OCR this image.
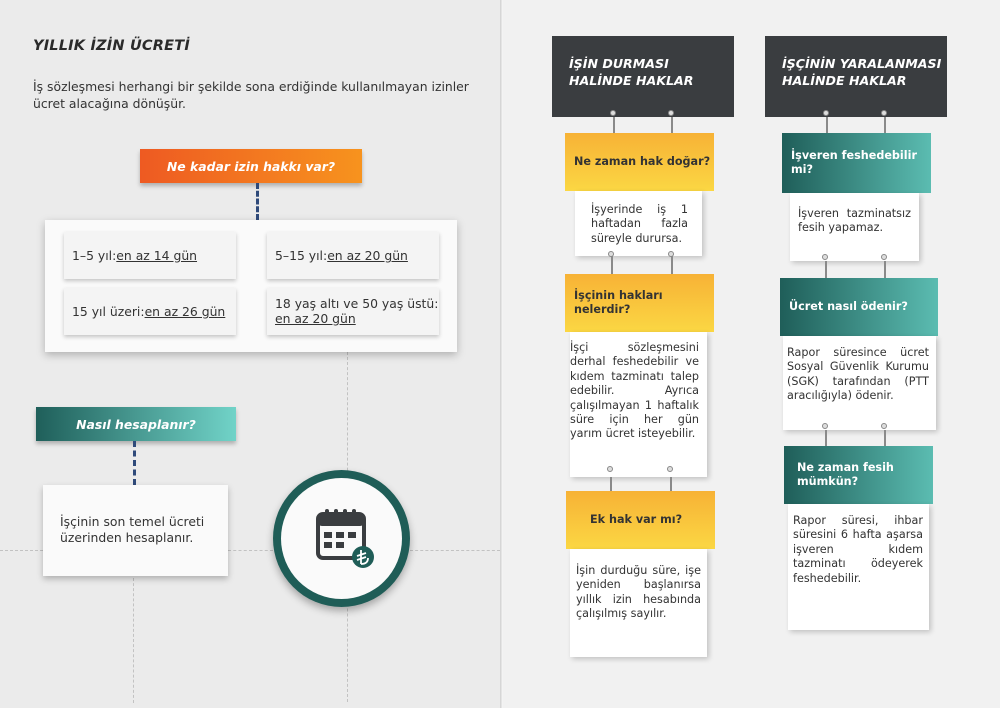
YILLIK İZİN ÜCRETİ
İş sözleşmesi herhangi bir şekilde sona erdiğinde kullanılmayan izinler ücret alacağına dönüşür.
Ne kadar izin hakkı var?
1–5 yıl: en az 14 gün	5–15 yıl: en az 20 gün
15 yıl üzeri: en az 26 gün
18 yaş altı ve 50 yaş üstü:
en az 20 gün
Nasıl hesaplanır?
İşçinin son temel ücreti üzerinden hesaplanır.
İŞİN DURMASI
HALİNDE HAKLAR
İŞÇİNİN YARALANMASI
HALİNDE HAKLAR
Ne zaman hak doğar?

İşyerinde iş 1 haftadan fazla süreyle durursa.

İşçinin hakları nelerdir?

İşçi sözleşmesini derhal feshedebilir ve kıdem tazminatı talep edebilir. Ayrıca çalışılmayan 1 haftalık süre için her gün yarım ücret isteyebilir.

Ek hak var mı?

İşin durduğu süre, işe yeniden başlanırsa yıllık izin hesabında çalışılmış sayılır.

İşveren feshedebilir mi?

İşveren tazminatsız fesih yapamaz.

Ücret nasıl ödenir?

Rapor süresince ücret Sosyal Güvenlik Kurumu (SGK) tarafından (PTT aracılığıyla) ödenir.

Ne zaman fesih mümkün?

Rapor süresi, ihbar süresini 6 hafta aşarsa işveren kıdem tazminatı ödeyerek feshedebilir.
